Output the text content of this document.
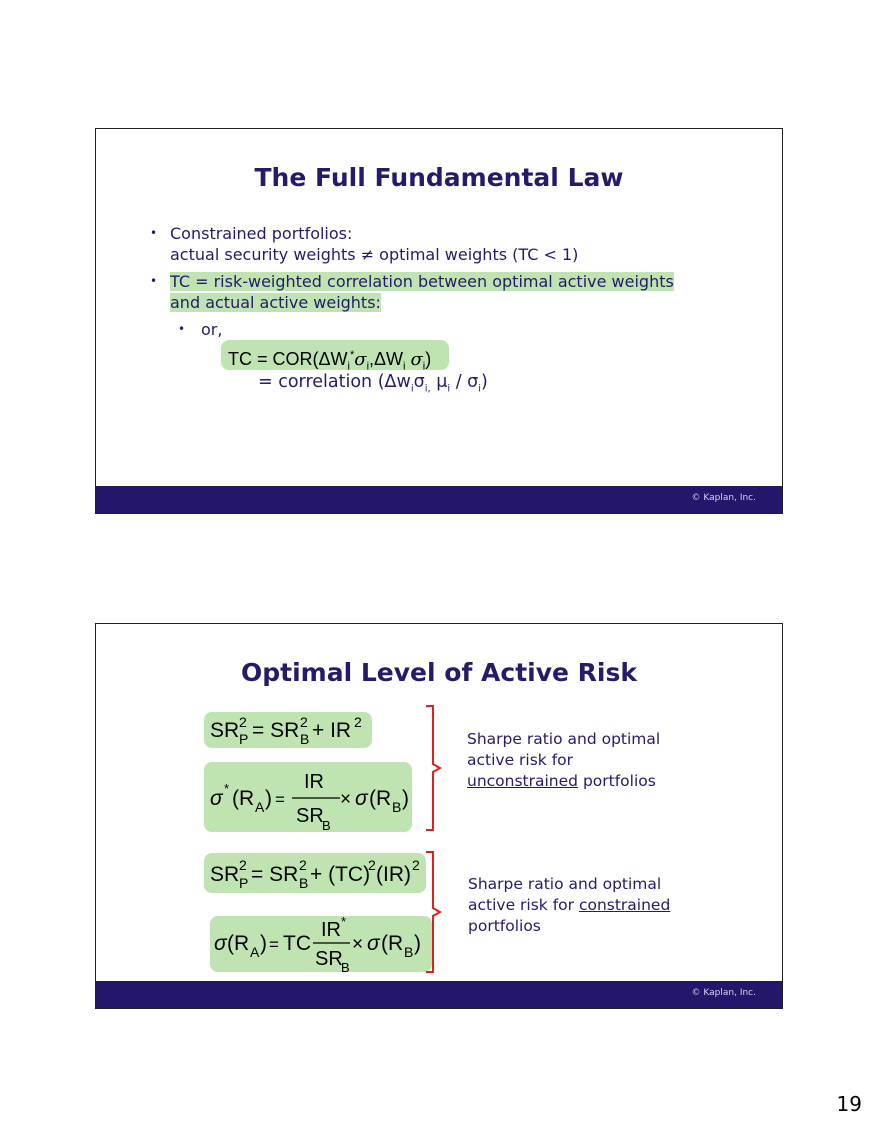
The Full Fundamental Law
• Constrained portfolios:
actual security weights ≠ optimal weights (TC < 1)
• TC = risk-weighted correlation between optimal active weights
and actual active weights:
• or,
TC = $COR(\Delta W_i^*\sigma_i,\Delta W_i$ $\sigma_i$)
= correlation ($\Delta w_i\sigma_{i,}$ $\mu_i / \sigma_i$)
© Kaplan, Inc.
Optimal Level of Active Risk
SR 2
P = SR 2
B + IR 2
σ * (R A ) =
IR
SR
B
× σ (R B )
SR 2
P = SR 2
B + (TC)
2 (IR) 2
σ (R A ) = TC
IR *
SR
B
× σ (R B )
Sharpe ratio and optimal
active risk for
unconstrained portfolios
Sharpe ratio and optimal
active risk for constrained
portfolios
© Kaplan, Inc.
19
